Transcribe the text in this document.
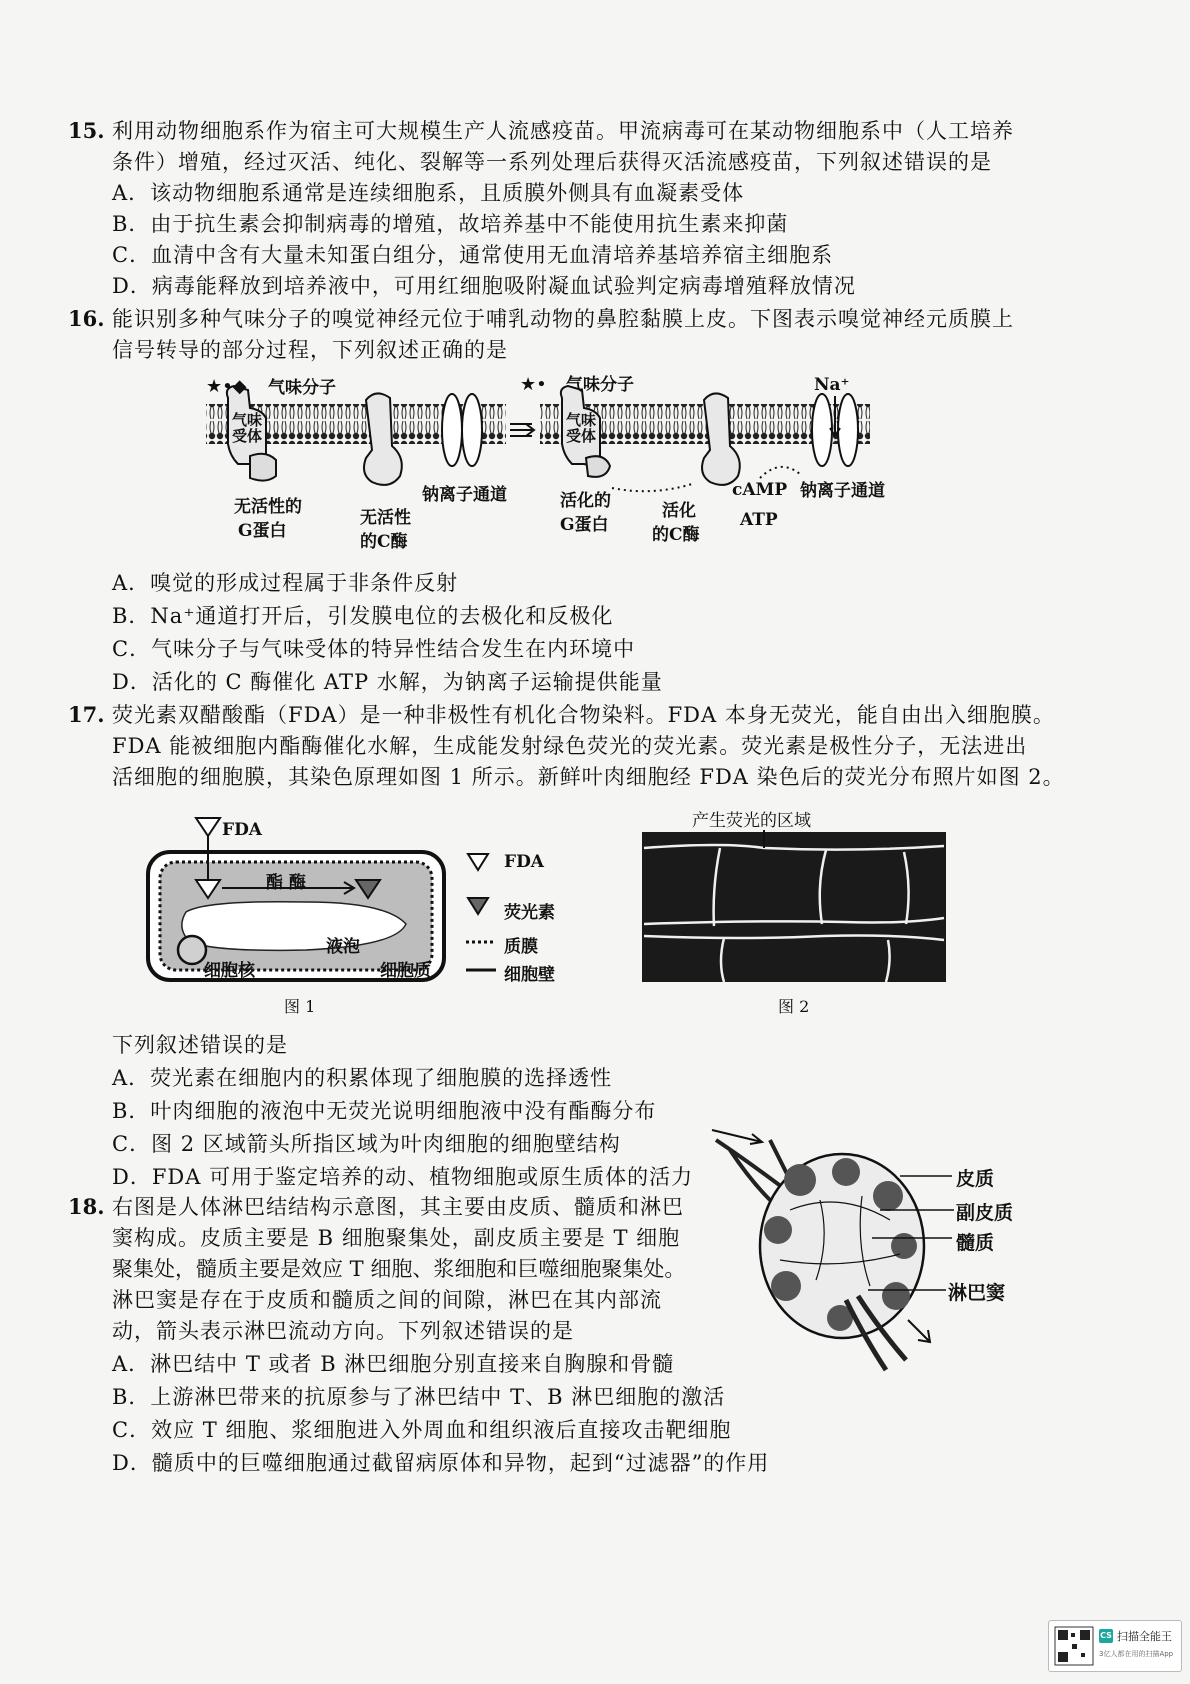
15. 利用动物细胞系作为宿主可大规模生产人流感疫苗。甲流病毒可在某动物细胞系中（人工培养
条件）增殖，经过灭活、纯化、裂解等一系列处理后获得灭活流感疫苗，下列叙述错误的是
A．该动物细胞系通常是连续细胞系，且质膜外侧具有血凝素受体
B．由于抗生素会抑制病毒的增殖，故培养基中不能使用抗生素来抑菌
C．血清中含有大量未知蛋白组分，通常使用无血清培养基培养宿主细胞系
D．病毒能释放到培养液中，可用红细胞吸附凝血试验判定病毒增殖释放情况
16. 能识别多种气味分子的嗅觉神经元位于哺乳动物的鼻腔黏膜上皮。下图表示嗅觉神经元质膜上
信号转导的部分过程，下列叙述正确的是
★•◆	★•
气味分子	气味分子
气味受体
气味受体
无活性的
G蛋白
无活性
的C酶
钠离子通道	活化的
G蛋白
活化
的C酶
cAMP
ATP
Na⁺
钠离子通道
A．嗅觉的形成过程属于非条件反射
B．Na⁺通道打开后，引发膜电位的去极化和反极化
C．气味分子与气味受体的特异性结合发生在内环境中
D．活化的 C 酶催化 ATP 水解，为钠离子运输提供能量
17. 荧光素双醋酸酯（FDA）是一种非极性有机化合物染料。FDA 本身无荧光，能自由出入细胞膜。
FDA 能被细胞内酯酶催化水解，生成能发射绿色荧光的荧光素。荧光素是极性分子，无法进出
活细胞的细胞膜，其染色原理如图 1 所示。新鲜叶肉细胞经 FDA 染色后的荧光分布照片如图 2。
FDA
酯 酶
液泡
细胞核	细胞质
FDA
荧光素
质膜
细胞壁
图 1
产生荧光的区域
图 2
下列叙述错误的是
A．荧光素在细胞内的积累体现了细胞膜的选择透性
B．叶肉细胞的液泡中无荧光说明细胞液中没有酯酶分布
C．图 2 区域箭头所指区域为叶肉细胞的细胞壁结构
D．FDA 可用于鉴定培养的动、植物细胞或原生质体的活力
18. 右图是人体淋巴结结构示意图，其主要由皮质、髓质和淋巴
窦构成。皮质主要是 B 细胞聚集处，副皮质主要是 T 细胞
聚集处，髓质主要是效应 T 细胞、浆细胞和巨噬细胞聚集处。
淋巴窦是存在于皮质和髓质之间的间隙，淋巴在其内部流
动，箭头表示淋巴流动方向。下列叙述错误的是
皮质
副皮质
髓质
淋巴窦
A．淋巴结中 T 或者 B 淋巴细胞分别直接来自胸腺和骨髓
B．上游淋巴带来的抗原参与了淋巴结中 T、B 淋巴细胞的激活
C．效应 T 细胞、浆细胞进入外周血和组织液后直接攻击靶细胞
D．髓质中的巨噬细胞通过截留病原体和异物，起到“过滤器”的作用
CS 扫描全能王
3亿人都在用的扫描App
